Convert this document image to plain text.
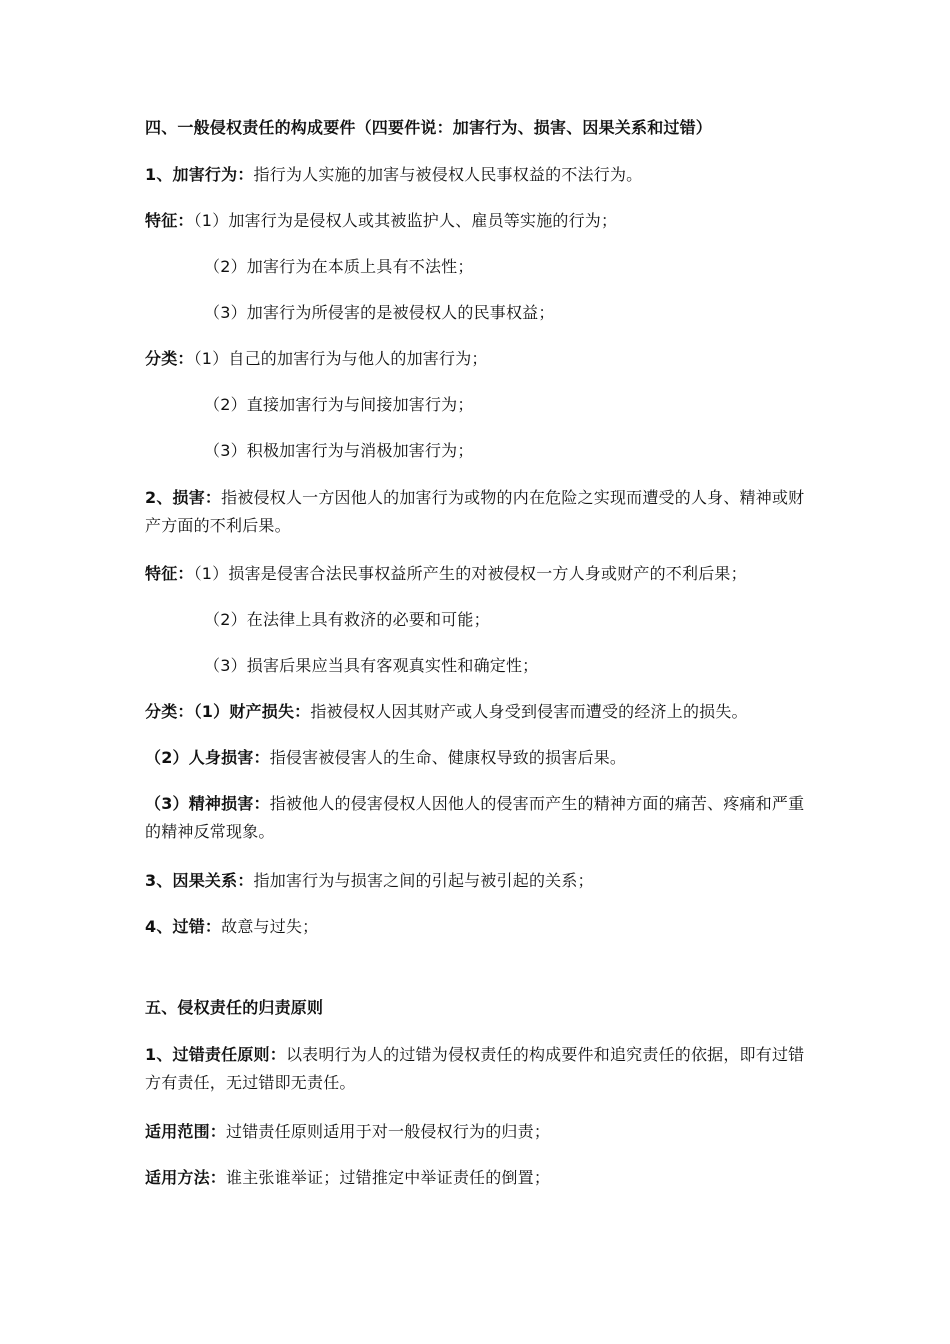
四、一般侵权责任的构成要件（四要件说：加害行为、损害、因果关系和过错）
1、加害行为：指行为人实施的加害与被侵权人民事权益的不法行为。
特征：（1）加害行为是侵权人或其被监护人、雇员等实施的行为；
（2）加害行为在本质上具有不法性；
（3）加害行为所侵害的是被侵权人的民事权益；
分类：（1）自己的加害行为与他人的加害行为；
（2）直接加害行为与间接加害行为；
（3）积极加害行为与消极加害行为；
2、损害：指被侵权人一方因他人的加害行为或物的内在危险之实现而遭受的人身、精神或财产方面的不利后果。
特征：（1）损害是侵害合法民事权益所产生的对被侵权一方人身或财产的不利后果；
（2）在法律上具有救济的必要和可能；
（3）损害后果应当具有客观真实性和确定性；
分类：（1）财产损失：指被侵权人因其财产或人身受到侵害而遭受的经济上的损失。
（2）人身损害：指侵害被侵害人的生命、健康权导致的损害后果。
（3）精神损害：指被他人的侵害侵权人因他人的侵害而产生的精神方面的痛苦、疼痛和严重的精神反常现象。
3、因果关系：指加害行为与损害之间的引起与被引起的关系；
4、过错：故意与过失；
五、侵权责任的归责原则
1、过错责任原则：以表明行为人的过错为侵权责任的构成要件和追究责任的依据，即有过错方有责任，无过错即无责任。
适用范围：过错责任原则适用于对一般侵权行为的归责；
适用方法：谁主张谁举证；过错推定中举证责任的倒置；
